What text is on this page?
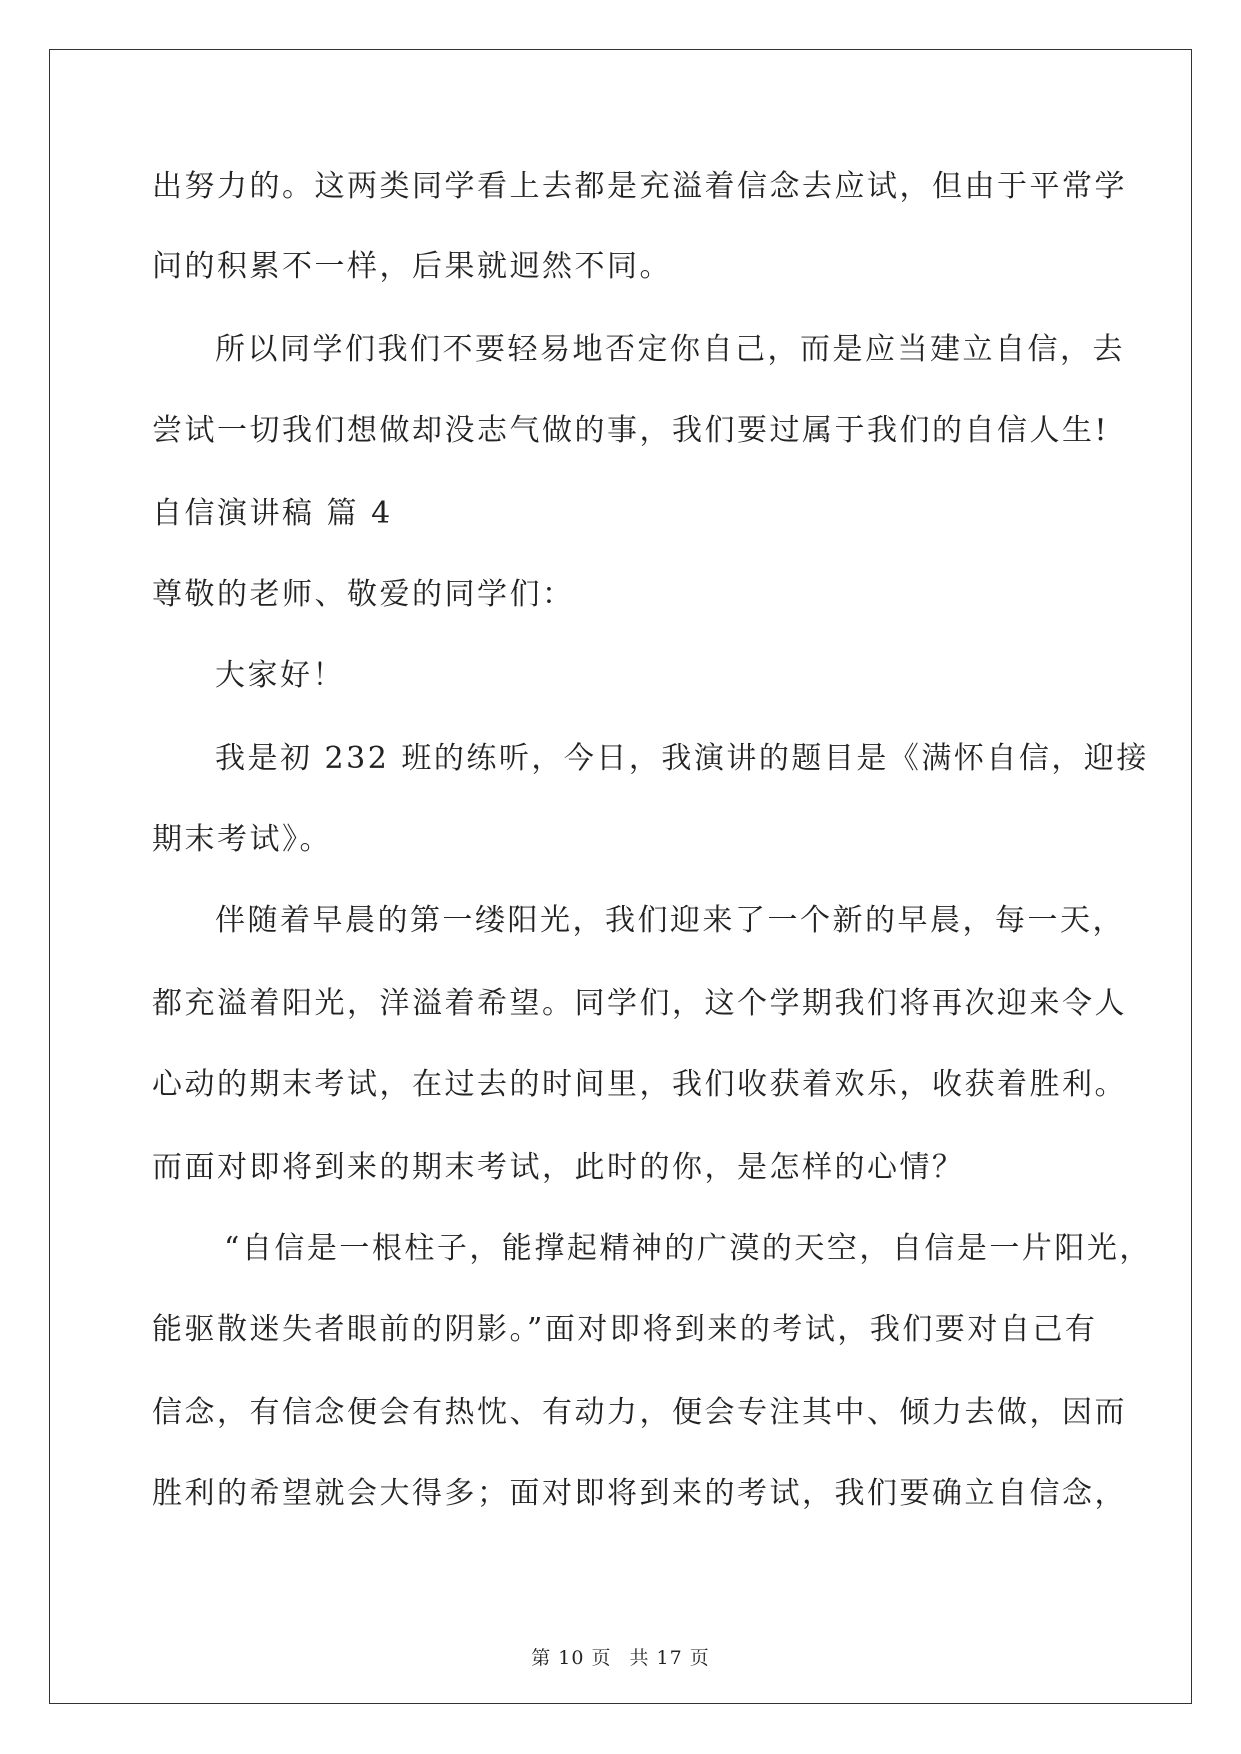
出努力的。这两类同学看上去都是充溢着信念去应试，但由于平常学
问的积累不一样，后果就迥然不同。
所以同学们我们不要轻易地否定你自己，而是应当建立自信，去
尝试一切我们想做却没志气做的事，我们要过属于我们的自信人生!
自信演讲稿 篇 4
尊敬的老师、敬爱的同学们：
大家好！
我是初 232 班的练听，今日，我演讲的题目是《满怀自信，迎接
期末考试》。
伴随着早晨的第一缕阳光，我们迎来了一个新的早晨，每一天，
都充溢着阳光，洋溢着希望。同学们，这个学期我们将再次迎来令人
心动的期末考试，在过去的时间里，我们收获着欢乐，收获着胜利。
而面对即将到来的期末考试，此时的你，是怎样的心情？
“自信是一根柱子，能撑起精神的广漠的天空，自信是一片阳光，
能驱散迷失者眼前的阴影。”面对即将到来的考试，我们要对自己有
信念，有信念便会有热忱、有动力，便会专注其中、倾力去做，因而
胜利的希望就会大得多；面对即将到来的考试，我们要确立自信念，
第 10 页 共 17 页
